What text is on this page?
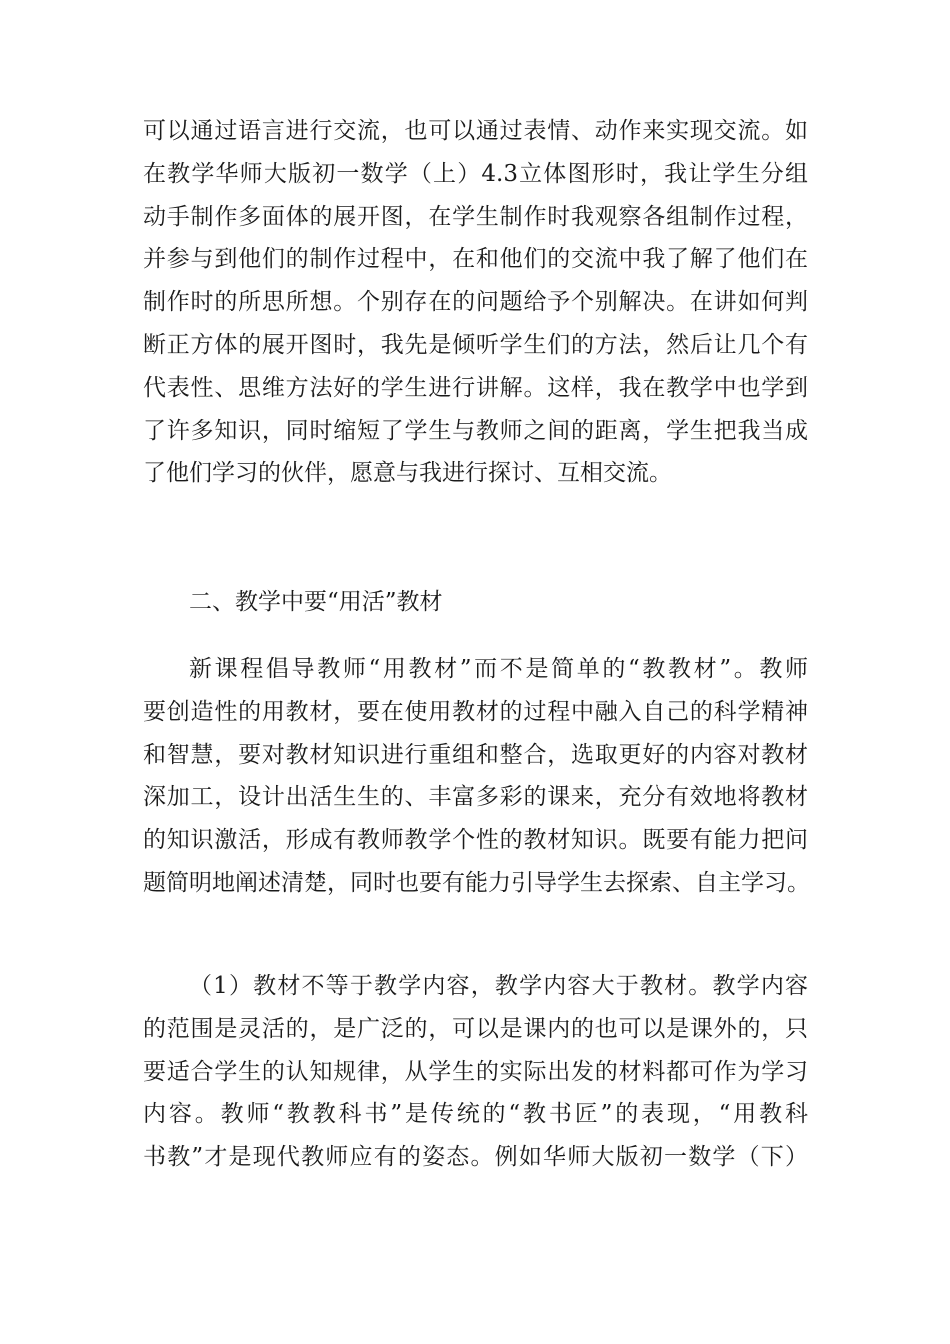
可以通过语言进行交流，也可以通过表情、动作来实现交流。如
在教学华师大版初一数学（上）4.3立体图形时，我让学生分组
动手制作多面体的展开图，在学生制作时我观察各组制作过程，
并参与到他们的制作过程中，在和他们的交流中我了解了他们在
制作时的所思所想。个别存在的问题给予个别解决。在讲如何判
断正方体的展开图时，我先是倾听学生们的方法，然后让几个有
代表性、思维方法好的学生进行讲解。这样，我在教学中也学到
了许多知识，同时缩短了学生与教师之间的距离，学生把我当成
了他们学习的伙伴，愿意与我进行探讨、互相交流。
二、教学中要“用活”教材
新课程倡导教师“用教材”而不是简单的“教教材”。教师
要创造性的用教材，要在使用教材的过程中融入自己的科学精神
和智慧，要对教材知识进行重组和整合，选取更好的内容对教材
深加工，设计出活生生的、丰富多彩的课来，充分有效地将教材
的知识激活，形成有教师教学个性的教材知识。既要有能力把问
题简明地阐述清楚，同时也要有能力引导学生去探索、自主学习。
（1）教材不等于教学内容，教学内容大于教材。教学内容
的范围是灵活的，是广泛的，可以是课内的也可以是课外的，只
要适合学生的认知规律，从学生的实际出发的材料都可作为学习
内容。教师“教教科书”是传统的“教书匠”的表现，“用教科
书教”才是现代教师应有的姿态。例如华师大版初一数学（下）
